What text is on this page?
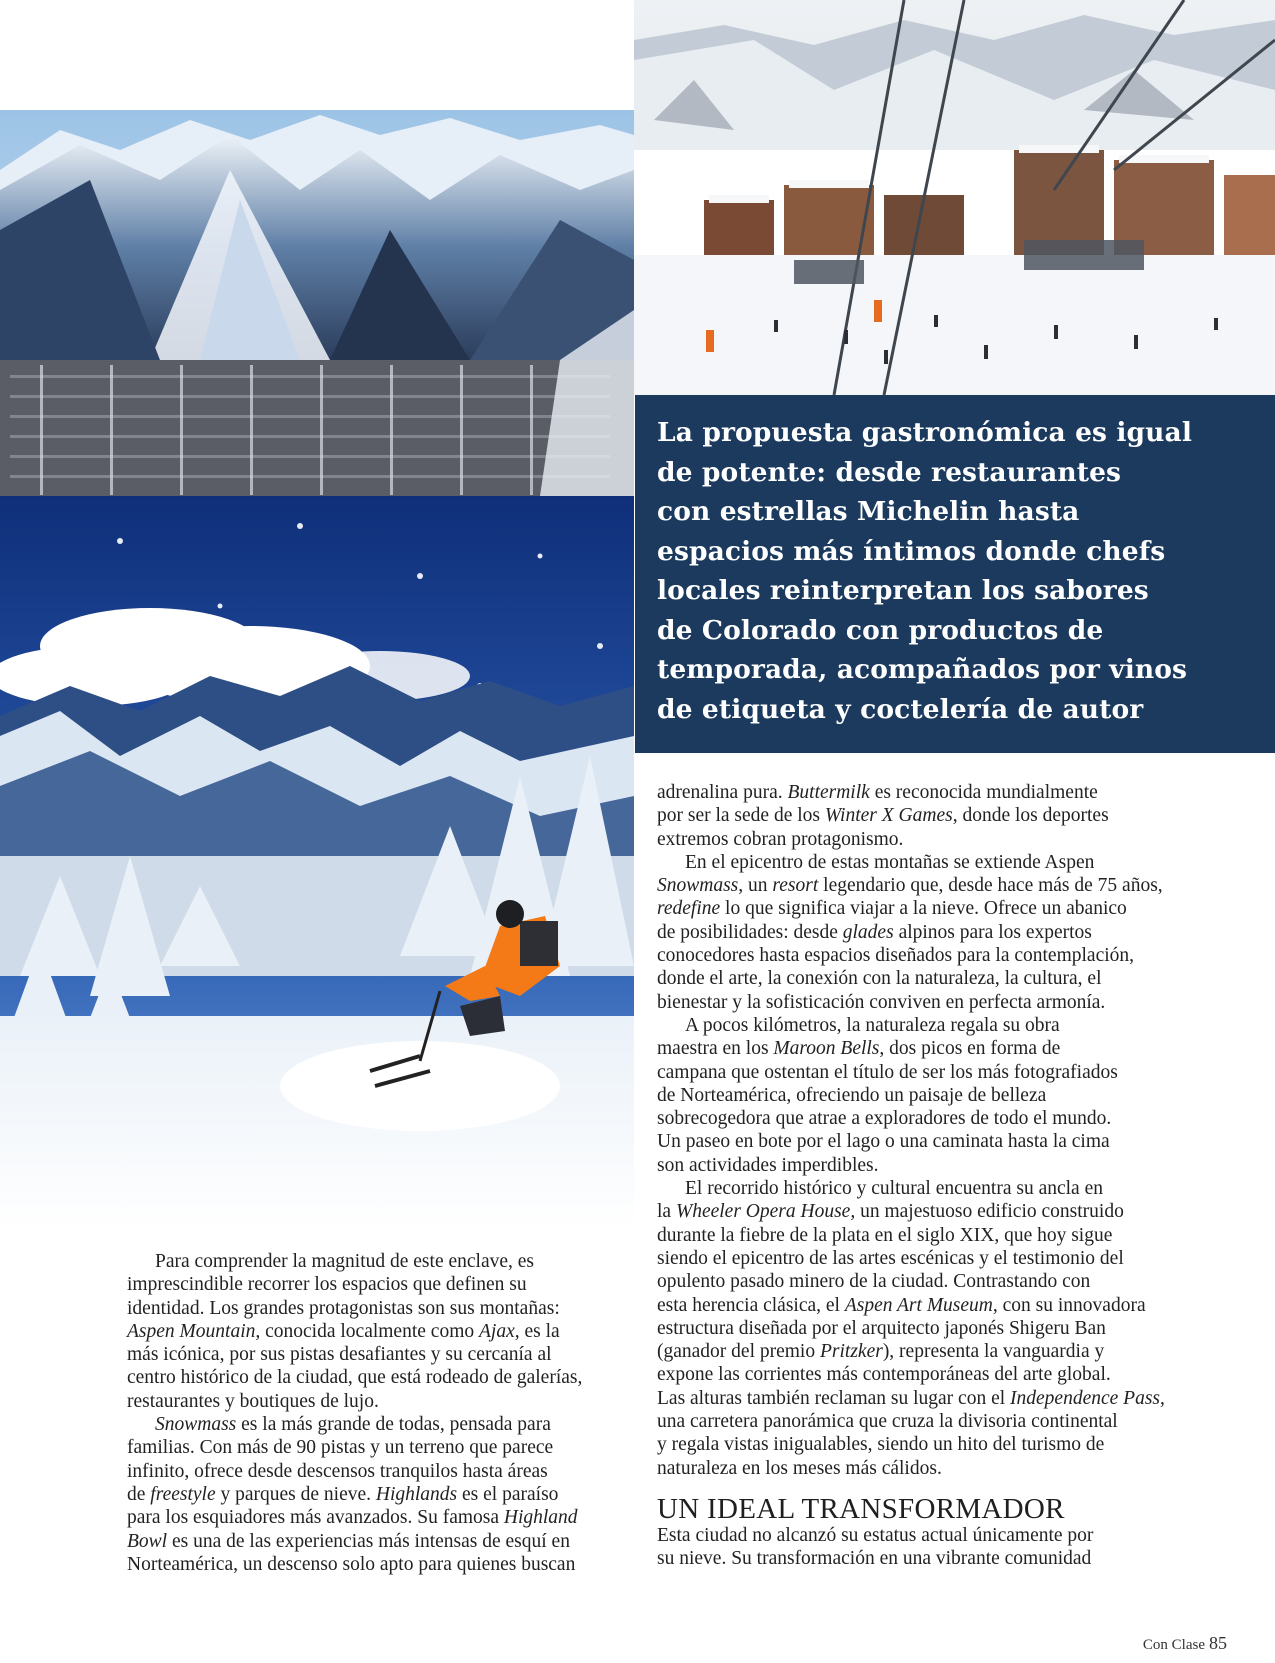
La propuesta gastronómica es igual
de potente: desde restaurantes
con estrellas Michelin hasta
espacios más íntimos donde chefs
locales reinterpretan los sabores
de Colorado con productos de
temporada, acompañados por vinos
de etiqueta y coctelería de autor

Para comprender la magnitud de este enclave, es
imprescindible recorrer los espacios que definen su
identidad. Los grandes protagonistas son sus montañas:
Aspen Mountain, conocida localmente como Ajax, es la
más icónica, por sus pistas desafiantes y su cercanía al
centro histórico de la ciudad, que está rodeado de galerías,
restaurantes y boutiques de lujo.

Snowmass es la más grande de todas, pensada para
familias. Con más de 90 pistas y un terreno que parece
infinito, ofrece desde descensos tranquilos hasta áreas
de freestyle y parques de nieve. Highlands es el paraíso
para los esquiadores más avanzados. Su famosa Highland
Bowl es una de las experiencias más intensas de esquí en
Norteamérica, un descenso solo apto para quienes buscan

adrenalina pura. Buttermilk es reconocida mundialmente
por ser la sede de los Winter X Games, donde los deportes
extremos cobran protagonismo.

En el epicentro de estas montañas se extiende Aspen
Snowmass, un resort legendario que, desde hace más de 75 años,
redefine lo que significa viajar a la nieve. Ofrece un abanico
de posibilidades: desde glades alpinos para los expertos
conocedores hasta espacios diseñados para la contemplación,
donde el arte, la conexión con la naturaleza, la cultura, el
bienestar y la sofisticación conviven en perfecta armonía.

A pocos kilómetros, la naturaleza regala su obra
maestra en los Maroon Bells, dos picos en forma de
campana que ostentan el título de ser los más fotografiados
de Norteamérica, ofreciendo un paisaje de belleza
sobrecogedora que atrae a exploradores de todo el mundo.
Un paseo en bote por el lago o una caminata hasta la cima
son actividades imperdibles.

El recorrido histórico y cultural encuentra su ancla en
la Wheeler Opera House, un majestuoso edificio construido
durante la fiebre de la plata en el siglo XIX, que hoy sigue
siendo el epicentro de las artes escénicas y el testimonio del
opulento pasado minero de la ciudad. Contrastando con
esta herencia clásica, el Aspen Art Museum, con su innovadora
estructura diseñada por el arquitecto japonés Shigeru Ban
(ganador del premio Pritzker), representa la vanguardia y
expone las corrientes más contemporáneas del arte global.
Las alturas también reclaman su lugar con el Independence Pass,
una carretera panorámica que cruza la divisoria continental
y regala vistas inigualables, siendo un hito del turismo de
naturaleza en los meses más cálidos.

UN IDEAL TRANSFORMADOR

Esta ciudad no alcanzó su estatus actual únicamente por
su nieve. Su transformación en una vibrante comunidad

Con Clase 85
